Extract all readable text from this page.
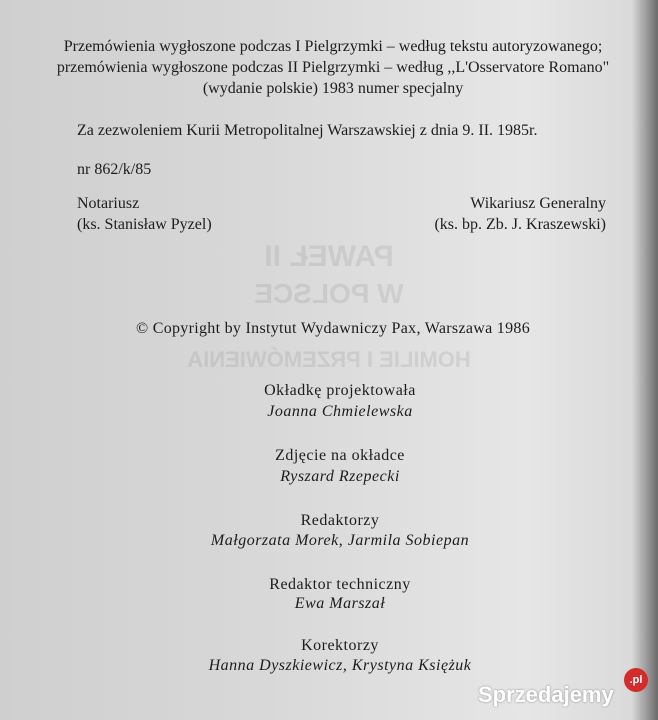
PAWEŁ II
W POLSCE
HOMILIE I PRZEMÓWIENIA
Przemówienia wygłoszone podczas I Pielgrzymki – według tekstu autoryzowanego;
przemówienia wygłoszone podczas II Pielgrzymki – według ,,L'Osservatore Romano"
(wydanie polskie) 1983 numer specjalny
Za zezwoleniem Kurii Metropolitalnej Warszawskiej z dnia 9. II. 1985r.
nr 862/k/85
Notariusz
(ks. Stanisław Pyzel)
Wikariusz Generalny
(ks. bp. Zb. J. Kraszewski)
© Copyright by Instytut Wydawniczy Pax, Warszawa 1986
Okładkę projektowała
Joanna Chmielewska
Zdjęcie na okładce
Ryszard Rzepecki
Redaktorzy
Małgorzata Morek, Jarmila Sobiepan
Redaktor techniczny
Ewa Marszał
Korektorzy
Hanna Dyszkiewicz, Krystyna Księżuk
Sprzedajemy
.pl
